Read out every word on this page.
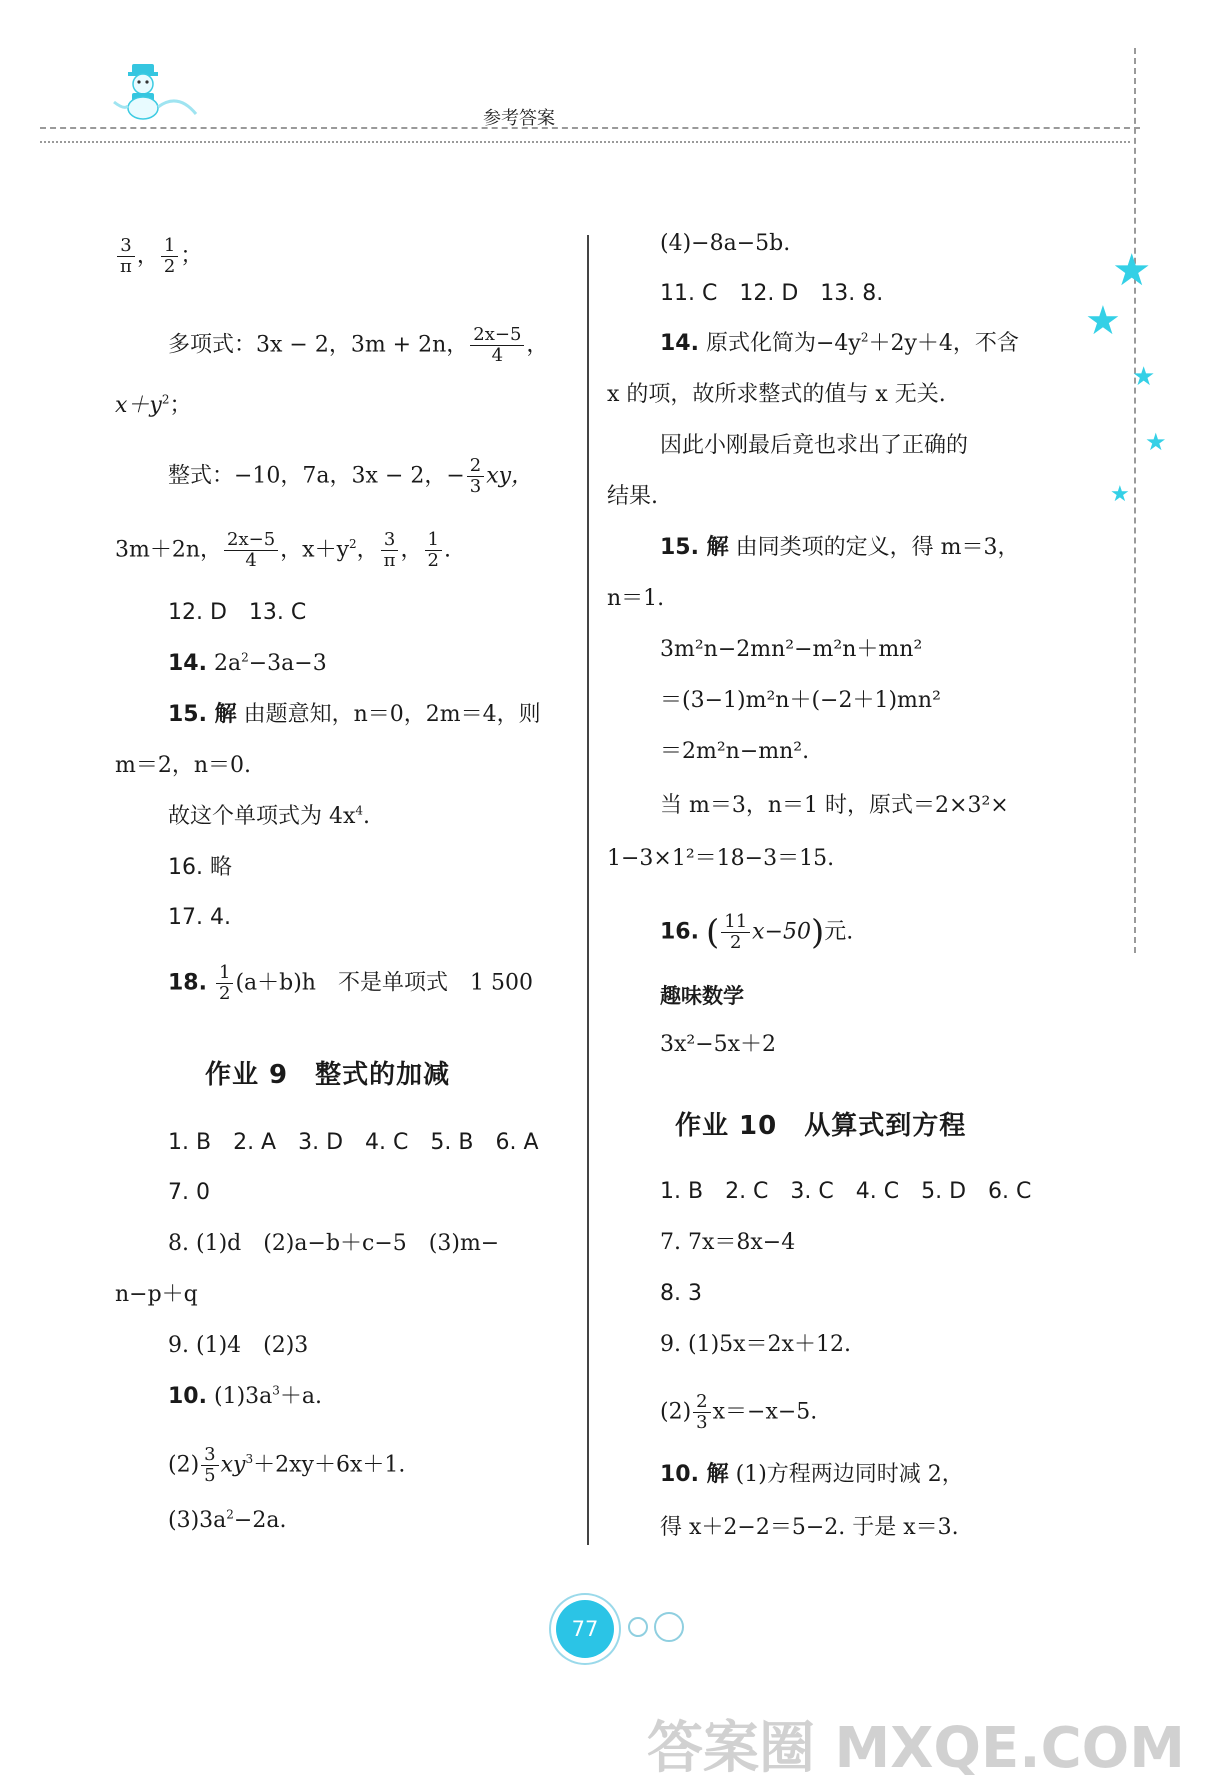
参考答案
★
★
★
★
★
$\frac{3}{\pi}$ ， $\frac{1}{2}$ ；
多项式：3x − 2，3m + 2n， $\frac{2x-5}{4}$ ，
$x+y^2$；
整式：−10，7a，3x − 2，− $\frac{2}{3}$ xy，
3m＋2n， $\frac{2x-5}{4}$ ，$x+y^2$， $\frac{3}{\pi}$ ， $\frac{1}{2}$ .
12. D　13. C
14. $2a^2-3a-3$
15. 解 由题意知，n＝0，2m＝4，则
m＝2，n＝0.
故这个单项式为 $4x^4$.
16. 略
17. 4.
18. $\frac{1}{2} (a+b)h$　不是单项式　1 500
作业 9　整式的加减
1. B　2. A　3. D　4. C　5. B　6. A
7. 0
8. (1)d　(2)a−b＋c−5　(3)m−
n−p＋q
9. (1)4　(2)3
10. $(1)3a^3+a$.
$(2) \frac{3}{5} xy^3+2xy+6x+1$.
$(3)3a^2-2a$.
(4)−8a−5b.
11. C　12. D　13. 8.
14. 原式化简为$-4y^2+2y+4$，不含
x 的项，故所求整式的值与 x 无关.
因此小刚最后竟也求出了正确的
结果.
15. 解 由同类项的定义，得 m＝3，
n＝1.
3m²n−2mn²−m²n＋mn²
＝(3−1)m²n＋(−2＋1)mn²
＝2m²n−mn².
当 m＝3，n＝1 时，原式＝2×3²×
1−3×1²＝18−3＝15.
16. ( $\frac{11}{2} x-50$)元.
趣味数学
3x²−5x＋2
作业 10　从算式到方程
1. B　2. C　3. C　4. C　5. D　6. C
7. 7x＝8x−4
8. 3
9. (1)5x＝2x＋12.
$(2) \frac{2}{3} x=-x-5$.
10. 解 (1)方程两边同时减 2，
得 x＋2−2＝5−2. 于是 x＝3.
77
答案圈 MXQE.COM
